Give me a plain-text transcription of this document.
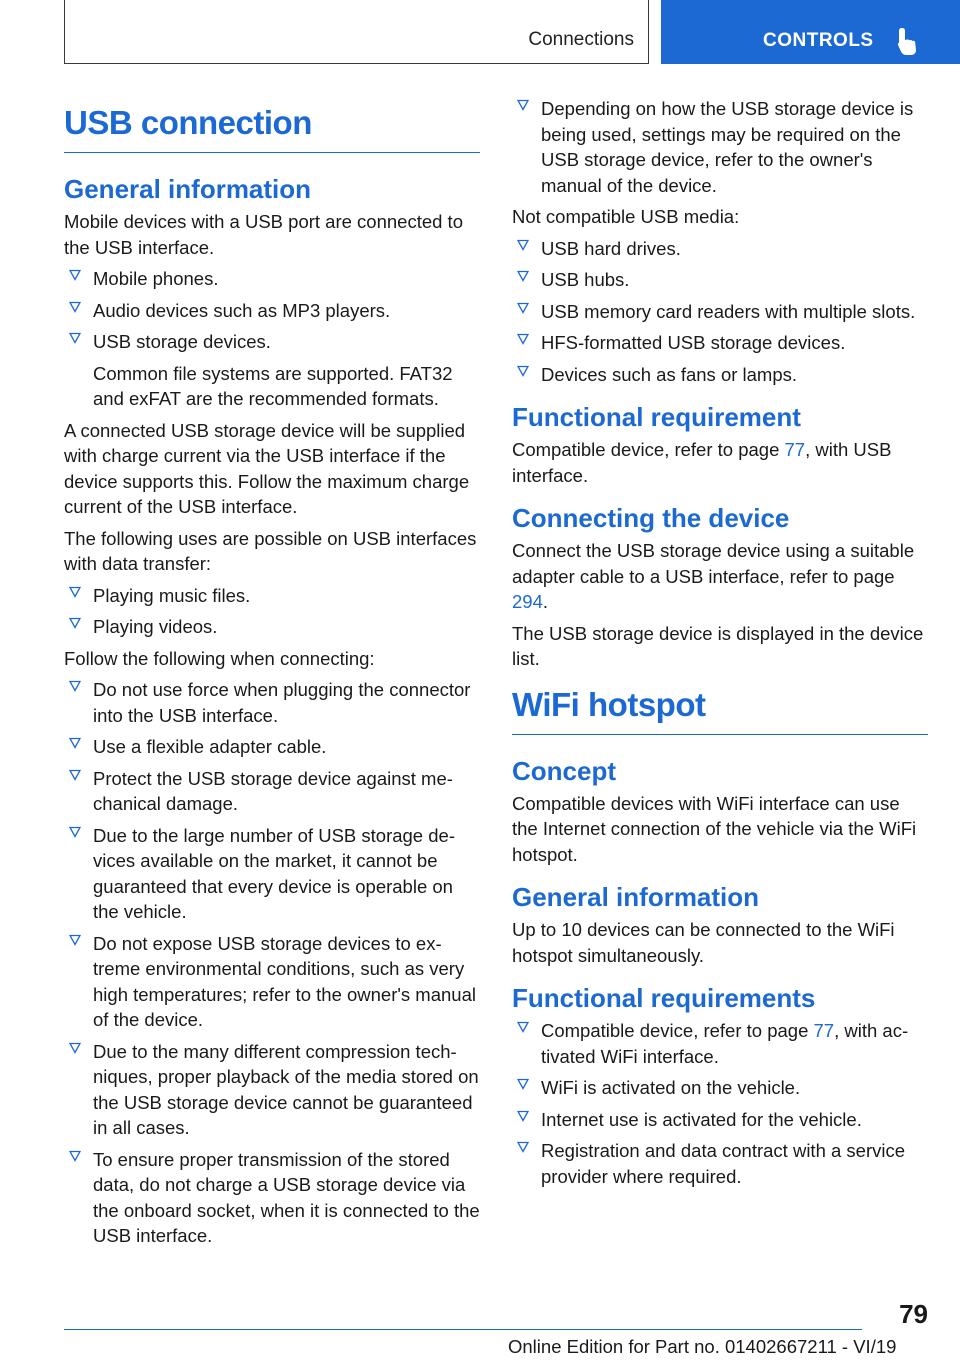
Connections	CONTROLS
USB connection
General information

Mobile devices with a USB port are connected to the USB interface.

Mobile phones.
Audio devices such as MP3 players.
USB storage devices.
Common file systems are supported. FAT32 and exFAT are the recommended formats.

A connected USB storage device will be supplied with charge current via the USB interface if the device supports this. Follow the maximum charge current of the USB interface.

The following uses are possible on USB interfaces with data transfer:

Playing music files.
Playing videos.

Follow the following when connecting:

Do not use force when plugging the connector into the USB interface.
Use a flexible adapter cable.
Protect the USB storage device against mechanical damage.
Due to the large number of USB storage devices available on the market, it cannot be guaranteed that every device is operable on the vehicle.
Do not expose USB storage devices to extreme environmental conditions, such as very high temperatures; refer to the owner's manual of the device.
Due to the many different compression techniques, proper playback of the media stored on the USB storage device cannot be guaranteed in all cases.
To ensure proper transmission of the stored data, do not charge a USB storage device via the onboard socket, when it is connected to the USB interface.
Depending on how the USB storage device is being used, settings may be required on the USB storage device, refer to the owner's manual of the device.

Not compatible USB media:

USB hard drives.
USB hubs.
USB memory card readers with multiple slots.
HFS-formatted USB storage devices.
Devices such as fans or lamps.
Functional requirement

Compatible device, refer to page 77, with USB interface.

Connecting the device

Connect the USB storage device using a suitable adapter cable to a USB interface, refer to page 294.

The USB storage device is displayed in the device list.

WiFi hotspot
Concept

Compatible devices with WiFi interface can use the Internet connection of the vehicle via the WiFi hotspot.

General information

Up to 10 devices can be connected to the WiFi hotspot simultaneously.

Functional requirements
Compatible device, refer to page 77, with activated WiFi interface.
WiFi is activated on the vehicle.
Internet use is activated for the vehicle.
Registration and data contract with a service provider where required.
79
Online Edition for Part no. 01402667211 - VI/19
